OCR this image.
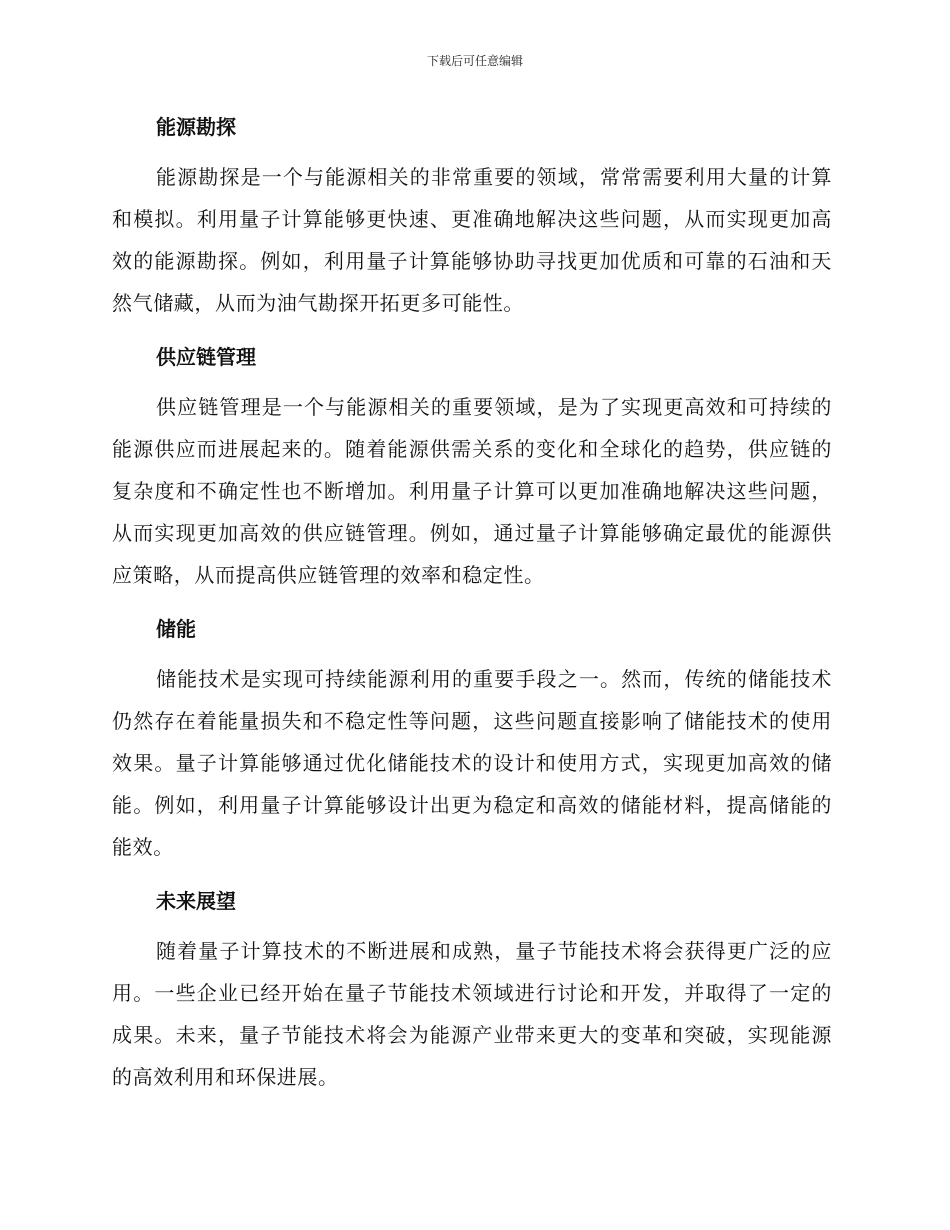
下载后可任意编辑
能源勘探

能源勘探是一个与能源相关的非常重要的领域，常常需要利用大量的计算和模拟。利用量子计算能够更快速、更准确地解决这些问题，从而实现更加高效的能源勘探。例如，利用量子计算能够协助寻找更加优质和可靠的石油和天然气储藏，从而为油气勘探开拓更多可能性。

供应链管理

供应链管理是一个与能源相关的重要领域，是为了实现更高效和可持续的能源供应而进展起来的。随着能源供需关系的变化和全球化的趋势，供应链的复杂度和不确定性也不断增加。利用量子计算可以更加准确地解决这些问题，从而实现更加高效的供应链管理。例如，通过量子计算能够确定最优的能源供应策略，从而提高供应链管理的效率和稳定性。

储能

储能技术是实现可持续能源利用的重要手段之一。然而，传统的储能技术仍然存在着能量损失和不稳定性等问题，这些问题直接影响了储能技术的使用效果。量子计算能够通过优化储能技术的设计和使用方式，实现更加高效的储能。例如，利用量子计算能够设计出更为稳定和高效的储能材料，提高储能的能效。

未来展望

随着量子计算技术的不断进展和成熟，量子节能技术将会获得更广泛的应用。一些企业已经开始在量子节能技术领域进行讨论和开发，并取得了一定的成果。未来，量子节能技术将会为能源产业带来更大的变革和突破，实现能源的高效利用和环保进展。
